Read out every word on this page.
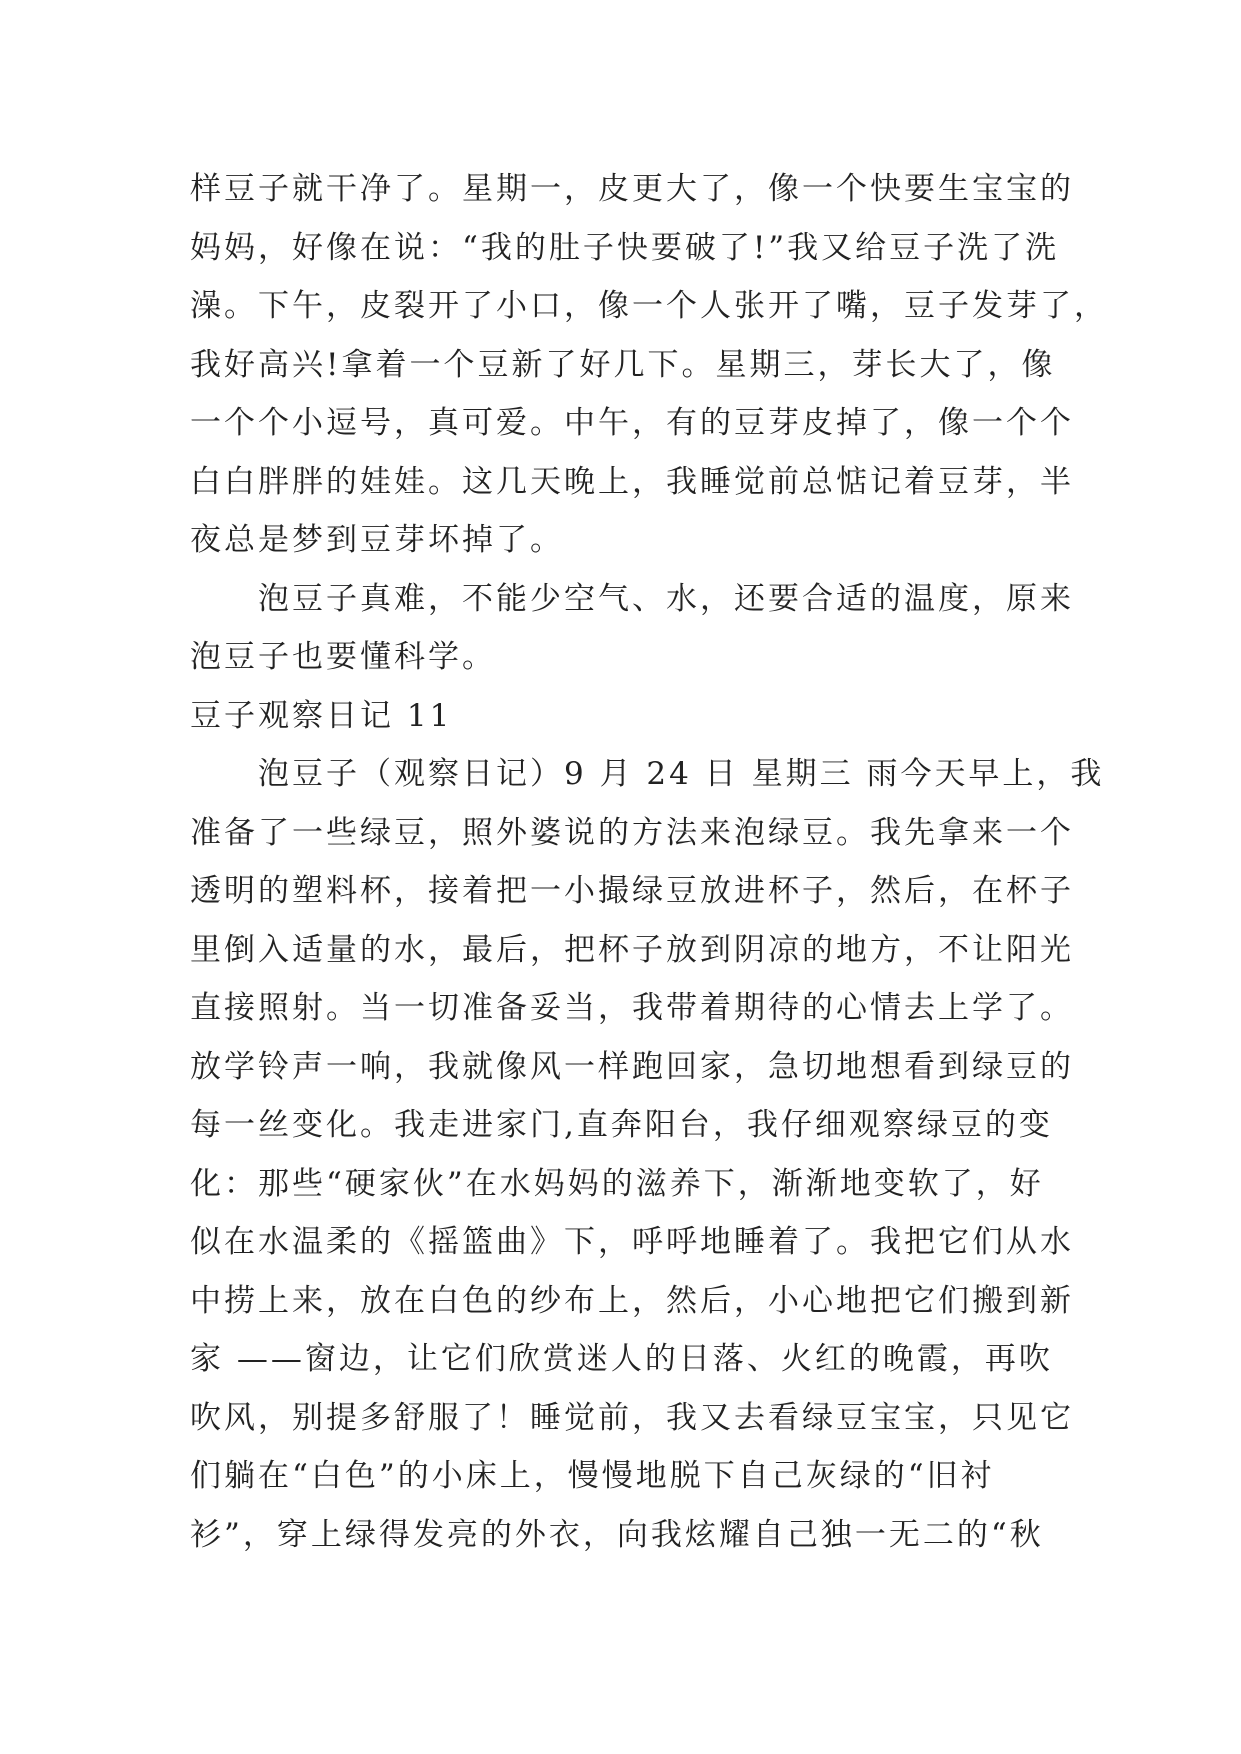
样豆子就干净了。星期一，皮更大了，像一个快要生宝宝的
妈妈，好像在说：“我的肚子快要破了!”我又给豆子洗了洗
澡。下午，皮裂开了小口，像一个人张开了嘴，豆子发芽了，
我好高兴!拿着一个豆新了好几下。星期三，芽长大了，像
一个个小逗号，真可爱。中午，有的豆芽皮掉了，像一个个
白白胖胖的娃娃。这几天晚上，我睡觉前总惦记着豆芽，半
夜总是梦到豆芽坏掉了。
　　泡豆子真难，不能少空气、水，还要合适的温度，原来
泡豆子也要懂科学。
豆子观察日记 11
　　泡豆子（观察日记）9 月 24 日 星期三 雨今天早上，我
准备了一些绿豆，照外婆说的方法来泡绿豆。我先拿来一个
透明的塑料杯，接着把一小撮绿豆放进杯子，然后，在杯子
里倒入适量的水，最后，把杯子放到阴凉的地方，不让阳光
直接照射。当一切准备妥当，我带着期待的心情去上学了。
放学铃声一响，我就像风一样跑回家，急切地想看到绿豆的
每一丝变化。我走进家门,直奔阳台，我仔细观察绿豆的变
化：那些“硬家伙”在水妈妈的滋养下，渐渐地变软了，好
似在水温柔的《摇篮曲》下，呼呼地睡着了。我把它们从水
中捞上来，放在白色的纱布上，然后，小心地把它们搬到新
家 ——窗边，让它们欣赏迷人的日落、火红的晚霞，再吹
吹风，别提多舒服了！睡觉前，我又去看绿豆宝宝，只见它
们躺在“白色”的小床上，慢慢地脱下自己灰绿的“旧衬
衫”，穿上绿得发亮的外衣，向我炫耀自己独一无二的“秋
